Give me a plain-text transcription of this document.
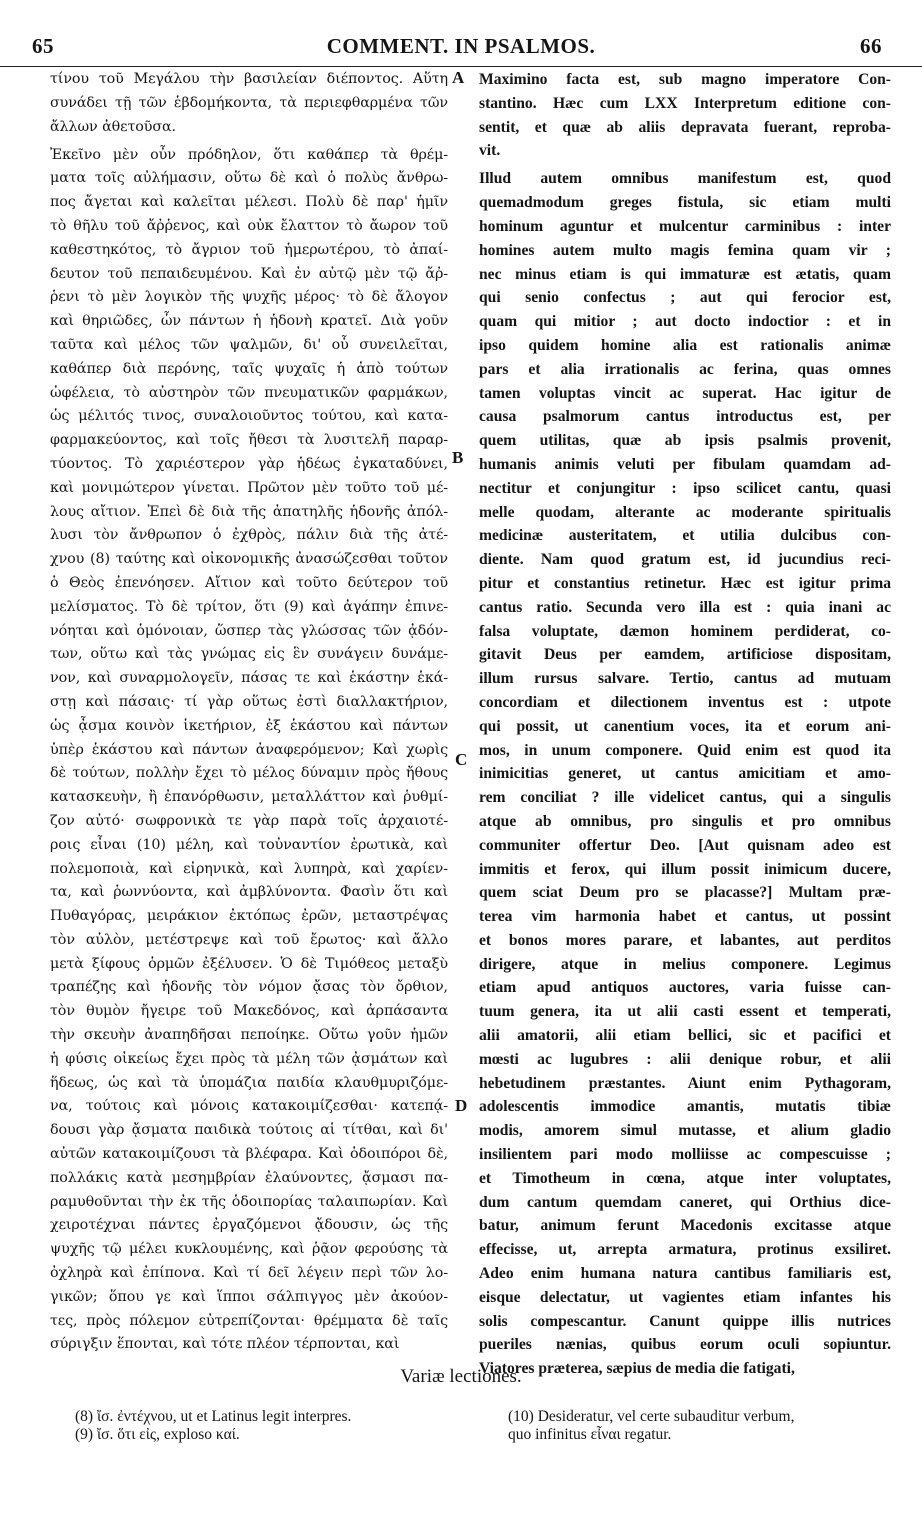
65	COMMENT. IN PSALMOS.	66
τίνου τοῦ Μεγάλου τὴν βασιλείαν διέποντος. Αὕτη
συνάδει τῇ τῶν ἑβδομήκοντα, τὰ περιεφθαρμένα τῶν
ἄλλων ἀθετοῦσα.
Ἐκεῖνο μὲν οὖν πρόδηλον, ὅτι καθάπερ τὰ θρέμ-
ματα τοῖς αὐλήμασιν, οὕτω δὲ καὶ ὁ πολὺς ἄνθρω-
πος ἄγεται καὶ καλεῖται μέλεσι. Πολὺ δὲ παρ' ἡμῖν
τὸ θῆλυ τοῦ ἄῤῥενος, καὶ οὐκ ἔλαττον τὸ ἄωρον τοῦ
καθεστηκότος, τὸ ἄγριον τοῦ ἡμερωτέρου, τὸ ἀπαί-
δευτον τοῦ πεπαιδευμένου. Καὶ ἐν αὐτῷ μὲν τῷ ἄῤ-
ῥενι τὸ μὲν λογικὸν τῆς ψυχῆς μέρος· τὸ δὲ ἄλογον
καὶ θηριῶδες, ὧν πάντων ἡ ἡδονὴ κρατεῖ. Διὰ γοῦν
ταῦτα καὶ μέλος τῶν ψαλμῶν, δι' οὗ συνειλεῖται,
καθάπερ διὰ περόνης, ταῖς ψυχαῖς ἡ ἀπὸ τούτων
ὠφέλεια, τὸ αὐστηρὸν τῶν πνευματικῶν φαρμάκων,
ὡς μέλιτός τινος, συναλοιοῦντος τούτου, καὶ κατα-
φαρμακεύοντος, καὶ τοῖς ἤθεσι τὰ λυσιτελῆ παραρ-
τύοντος. Τὸ χαριέστερον γὰρ ἡδέως ἐγκαταδύνει,
καὶ μονιμώτερον γίνεται. Πρῶτον μὲν τοῦτο τοῦ μέ-
λους αἴτιον. Ἐπεὶ δὲ διὰ τῆς ἀπατηλῆς ἡδονῆς ἀπόλ-
λυσι τὸν ἄνθρωπον ὁ ἐχθρὸς, πάλιν διὰ τῆς ἀτέ-
χνου (8) ταύτης καὶ οἰκονομικῆς ἀνασώζεσθαι τοῦτον
ὁ Θεὸς ἐπενόησεν. Αἴτιον καὶ τοῦτο δεύτερον τοῦ
μελίσματος. Τὸ δὲ τρίτον, ὅτι (9) καὶ ἀγάπην ἐπινε-
νόηται καὶ ὁμόνοιαν, ὥσπερ τὰς γλώσσας τῶν ᾀδόν-
των, οὕτω καὶ τὰς γνώμας εἰς ἓν συνάγειν δυνάμε-
νον, καὶ συναρμολογεῖν, πάσας τε καὶ ἑκάστην ἑκά-
στῃ καὶ πάσαις· τί γὰρ οὕτως ἐστὶ διαλλακτήριον,
ὡς ᾆσμα κοινὸν ἱκετήριον, ἐξ ἑκάστου καὶ πάντων
ὑπὲρ ἑκάστου καὶ πάντων ἀναφερόμενον; Καὶ χωρὶς
δὲ τούτων, πολλὴν ἔχει τὸ μέλος δύναμιν πρὸς ἤθους
κατασκευὴν, ἢ ἐπανόρθωσιν, μεταλλάττον καὶ ῥυθμί-
ζον αὐτό· σωφρονικὰ τε γὰρ παρὰ τοῖς ἀρχαιοτέ-
ροις εἶναι (10) μέλη, καὶ τοὐναντίον ἐρωτικὰ, καὶ
πολεμοποιὰ, καὶ εἰρηνικὰ, καὶ λυπηρὰ, καὶ χαρίεν-
τα, καὶ ῥωννύοντα, καὶ ἀμβλύνοντα. Φασὶν ὅτι καὶ
Πυθαγόρας, μειράκιον ἐκτόπως ἐρῶν, μεταστρέψας
τὸν αὐλὸν, μετέστρεψε καὶ τοῦ ἔρωτος· καὶ ἄλλο
μετὰ ξίφους ὁρμῶν ἐξέλυσεν. Ὁ δὲ Τιμόθεος μεταξὺ
τραπέζης καὶ ἡδονῆς τὸν νόμον ᾄσας τὸν ὄρθιον,
τὸν θυμὸν ἤγειρε τοῦ Μακεδόνος, καὶ ἁρπάσαντα
τὴν σκευὴν ἀναπηδῆσαι πεποίηκε. Οὕτω γοῦν ἡμῶν
ἡ φύσις οἰκείως ἔχει πρὸς τὰ μέλη τῶν ᾀσμάτων καὶ
ἥδεως, ὡς καὶ τὰ ὑπομάζια παιδία κλαυθμυριζόμε-
να, τούτοις καὶ μόνοις κατακοιμίζεσθαι· κατεπᾴ-
δουσι γὰρ ᾄσματα παιδικὰ τούτοις αἱ τίτθαι, καὶ δι'
αὐτῶν κατακοιμίζουσι τὰ βλέφαρα. Καὶ ὁδοιπόροι δὲ,
πολλάκις κατὰ μεσημβρίαν ἐλαύνοντες, ᾄσμασι πα-
ραμυθοῦνται τὴν ἐκ τῆς ὁδοιπορίας ταλαιπωρίαν. Καὶ
χειροτέχναι πάντες ἐργαζόμενοι ᾄδουσιν, ὡς τῆς
ψυχῆς τῷ μέλει κυκλουμένης, καὶ ῥᾷον φερούσης τὰ
ὀχληρὰ καὶ ἐπίπονα. Καὶ τί δεῖ λέγειν περὶ τῶν λο-
γικῶν; ὅπου γε καὶ ἵπποι σάλπιγγος μὲν ἀκούον-
τες, πρὸς πόλεμον εὐτρεπίζονται· θρέμματα δὲ ταῖς
σύριγξιν ἕπονται, καὶ τότε πλέον τέρπονται, καὶ
Maximino facta est, sub magno imperatore Con-
stantino. Hæc cum LXX Interpretum editione con-
sentit, et quæ ab aliis depravata fuerant, reproba-
vit.
Illud autem omnibus manifestum est, quod
quemadmodum greges fistula, sic etiam multi
hominum aguntur et mulcentur carminibus : inter
homines autem multo magis femina quam vir ;
nec minus etiam is qui immaturæ est ætatis, quam
qui senio confectus ; aut qui ferocior est,
quam qui mitior ; aut docto indoctior : et in
ipso quidem homine alia est rationalis animæ
pars et alia irrationalis ac ferina, quas omnes
tamen voluptas vincit ac superat. Hac igitur de
causa psalmorum cantus introductus est, per
quem utilitas, quæ ab ipsis psalmis provenit,
humanis animis veluti per fibulam quamdam ad-
nectitur et conjungitur : ipso scilicet cantu, quasi
melle quodam, alterante ac moderante spiritualis
medicinæ austeritatem, et utilia dulcibus con-
diente. Nam quod gratum est, id jucundius reci-
pitur et constantius retinetur. Hæc est igitur prima
cantus ratio. Secunda vero illa est : quia inani ac
falsa voluptate, dæmon hominem perdiderat, co-
gitavit Deus per eamdem, artificiose dispositam,
illum rursus salvare. Tertio, cantus ad mutuam
concordiam et dilectionem inventus est : utpote
qui possit, ut canentium voces, ita et eorum ani-
mos, in unum componere. Quid enim est quod ita
inimicitias generet, ut cantus amicitiam et amo-
rem conciliat ? ille videlicet cantus, qui a singulis
atque ab omnibus, pro singulis et pro omnibus
communiter offertur Deo. [Aut quisnam adeo est
immitis et ferox, qui illum possit inimicum ducere,
quem sciat Deum pro se placasse?] Multam præ-
terea vim harmonia habet et cantus, ut possint
et bonos mores parare, et labantes, aut perditos
dirigere, atque in melius componere. Legimus
etiam apud antiquos auctores, varia fuisse can-
tuum genera, ita ut alii casti essent et temperati,
alii amatorii, alii etiam bellici, sic et pacifici et
mœsti ac lugubres : alii denique robur, et alii
hebetudinem præstantes. Aiunt enim Pythagoram,
adolescentis immodice amantis, mutatis tibiæ
modis, amorem simul mutasse, et alium gladio
insilientem pari modo molliisse ac compescuisse ;
et Timotheum in cœna, atque inter voluptates,
dum cantum quemdam caneret, qui Orthius dice-
batur, animum ferunt Macedonis excitasse atque
effecisse, ut, arrepta armatura, protinus exsiliret.
Adeo enim humana natura cantibus familiaris est,
eisque delectatur, ut vagientes etiam infantes his
solis compescantur. Canunt quippe illis nutrices
pueriles nænias, quibus eorum oculi sopiuntur.
Viatores præterea, sæpius de media die fatigati,
A
B
C
D
Variæ lectiones.
(8) ἴσ. ἐντέχνου, ut et Latinus legit interpres.
(9) ἴσ. ὅτι εἰς, exploso καί.
(10) Desideratur, vel certe subauditur verbum,
quo infinitus εἶναι regatur.
